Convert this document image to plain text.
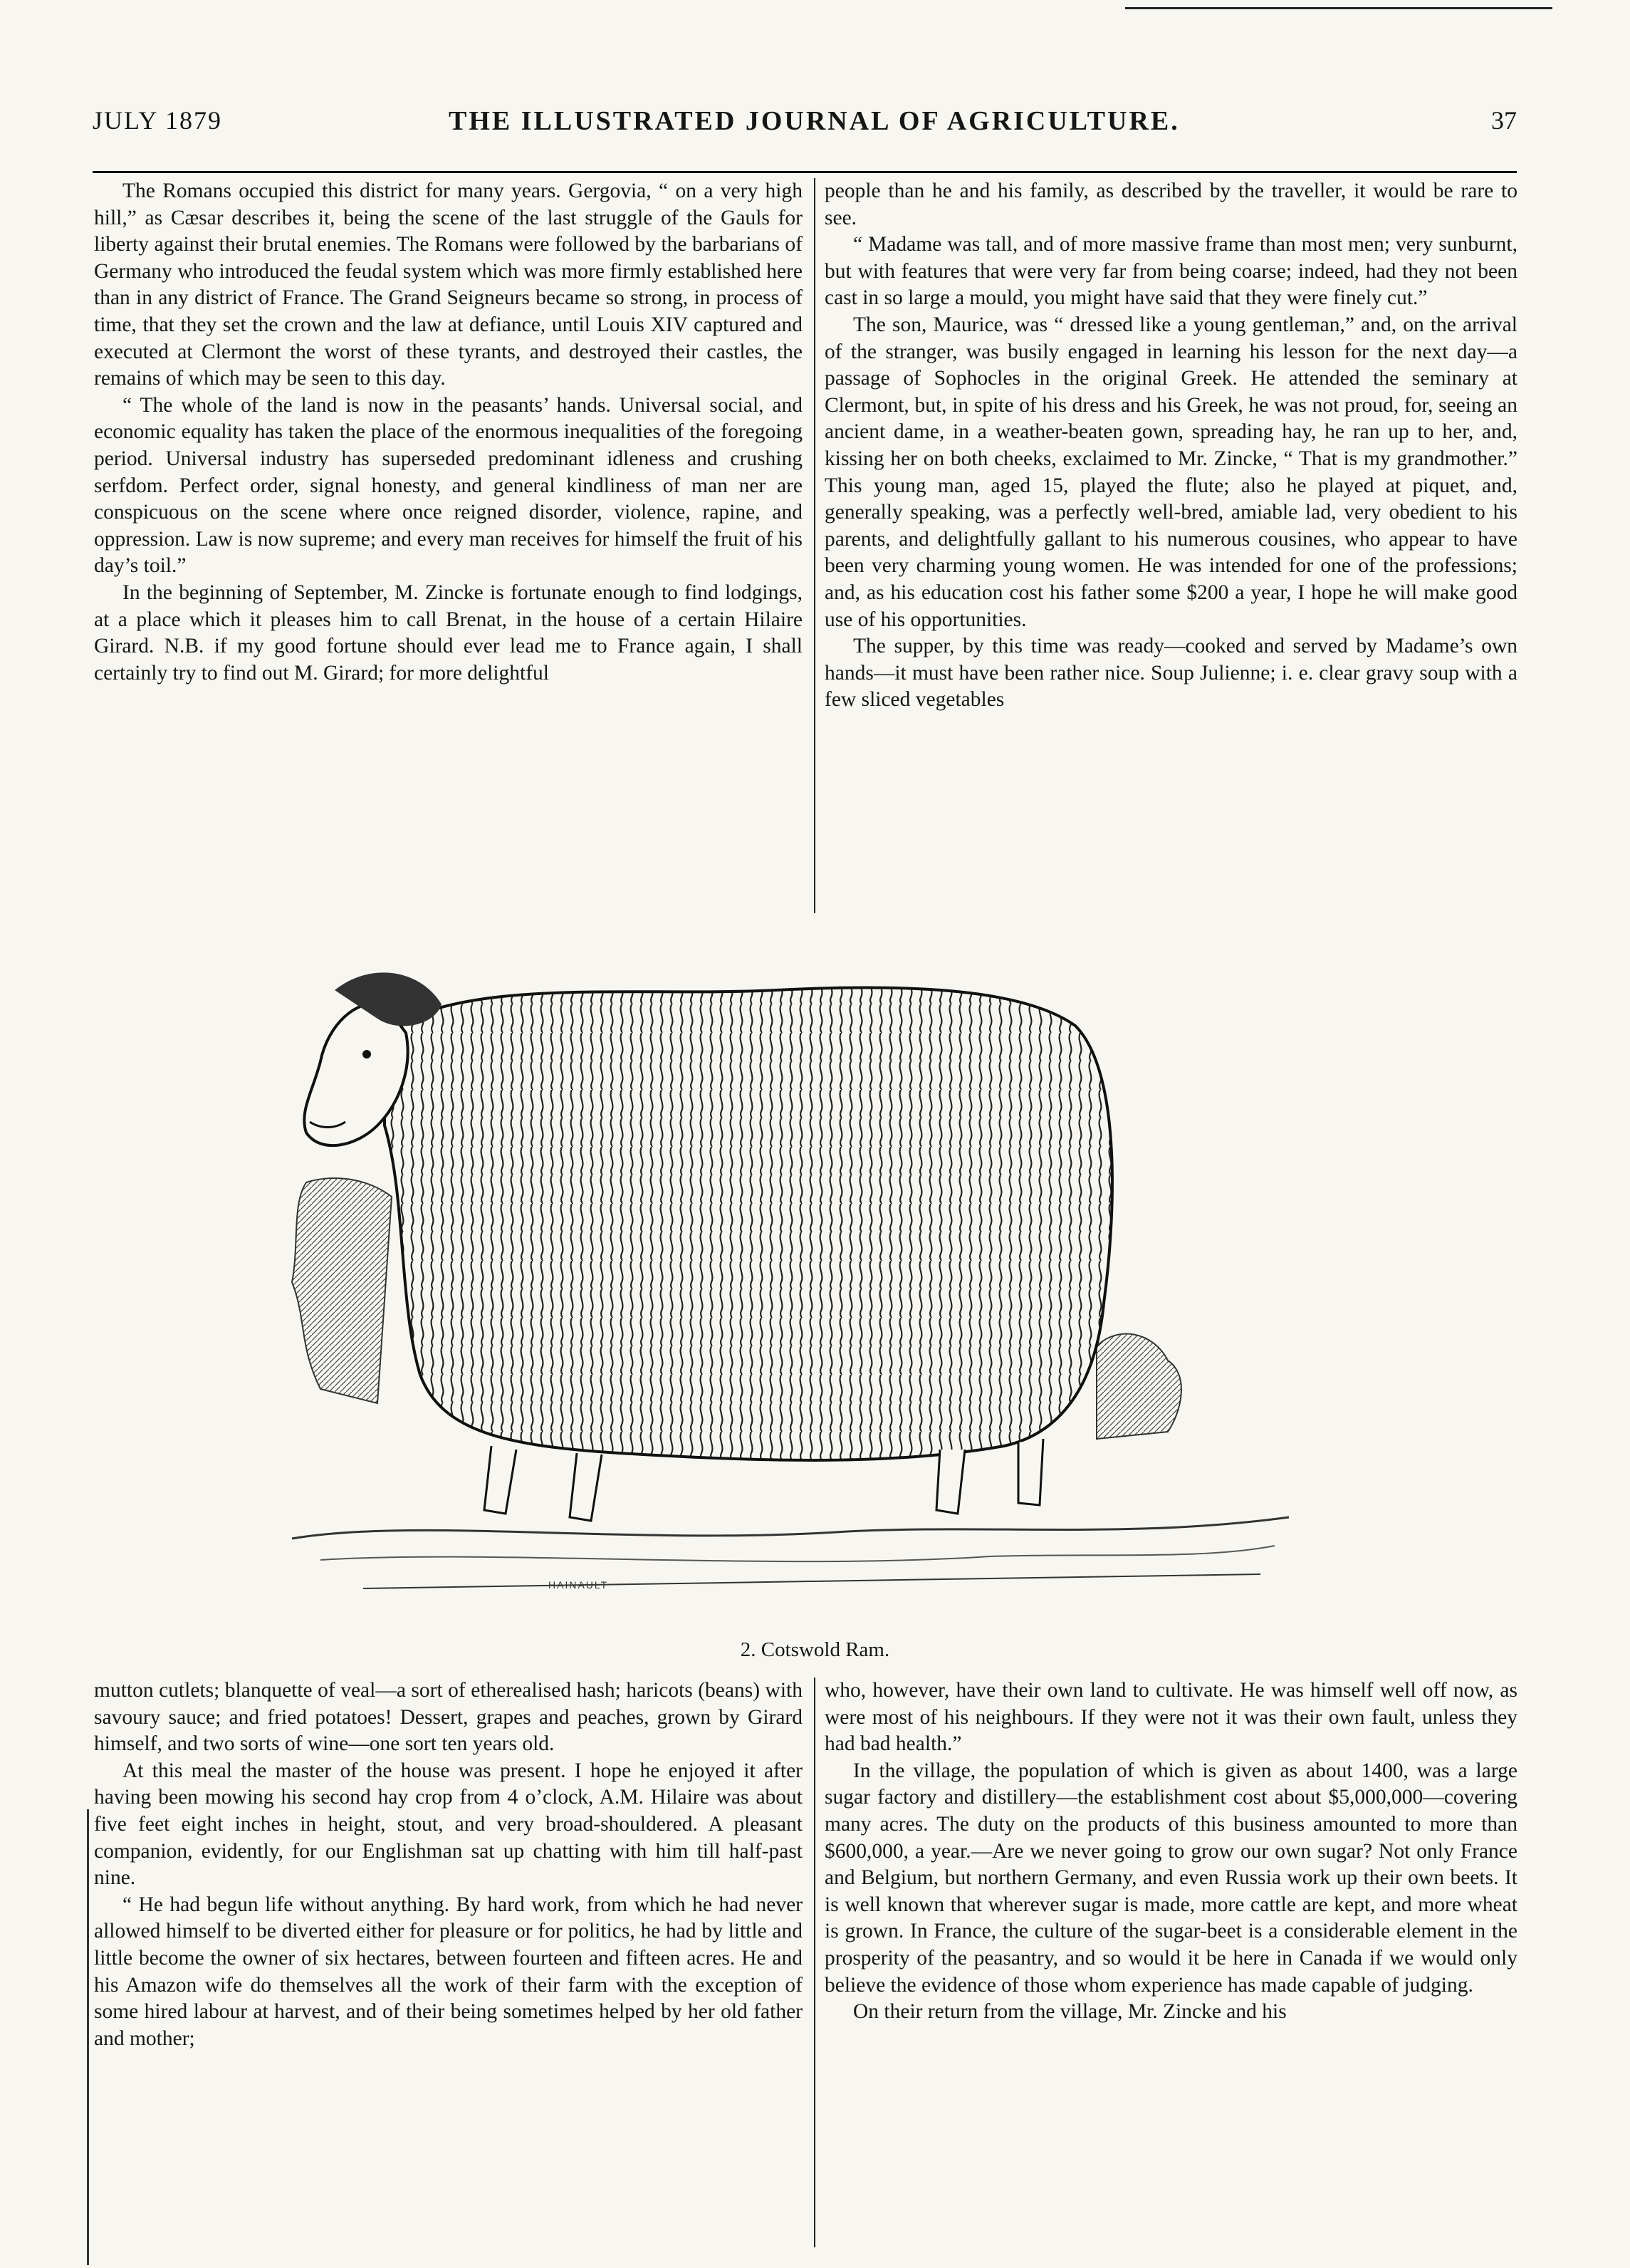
JULY 1879	THE ILLUSTRATED JOURNAL OF AGRICULTURE.	37

The Romans occupied this district for many years. Gergovia, “ on a very high hill,” as Cæsar describes it, being the scene of the last struggle of the Gauls for liberty against their brutal enemies. The Romans were followed by the barbarians of Germany who introduced the feudal system which was more firmly established here than in any district of France. The Grand Seigneurs became so strong, in process of time, that they set the crown and the law at defiance, until Louis XIV captured and executed at Clermont the worst of these tyrants, and destroyed their castles, the remains of which may be seen to this day.

“ The whole of the land is now in the peasants’ hands. Universal social, and economic equality has taken the place of the enormous inequalities of the foregoing period. Universal industry has superseded predominant idleness and crushing serfdom. Perfect order, signal honesty, and general kindliness of man ner are conspicuous on the scene where once reigned disorder, violence, rapine, and oppression. Law is now supreme; and every man receives for himself the fruit of his day’s toil.”

In the beginning of September, M. Zincke is fortunate enough to find lodgings, at a place which it pleases him to call Brenat, in the house of a certain Hilaire Girard. N.B. if my good fortune should ever lead me to France again, I shall certainly try to find out M. Girard; for more delightful

people than he and his family, as described by the traveller, it would be rare to see.

“ Madame was tall, and of more massive frame than most men; very sunburnt, but with features that were very far from being coarse; indeed, had they not been cast in so large a mould, you might have said that they were finely cut.”

The son, Maurice, was “ dressed like a young gentleman,” and, on the arrival of the stranger, was busily engaged in learning his lesson for the next day—a passage of Sophocles in the original Greek. He attended the seminary at Clermont, but, in spite of his dress and his Greek, he was not proud, for, seeing an ancient dame, in a weather-beaten gown, spreading hay, he ran up to her, and, kissing her on both cheeks, exclaimed to Mr. Zincke, “ That is my grandmother.” This young man, aged 15, played the flute; also he played at piquet, and, generally speaking, was a perfectly well-bred, amiable lad, very obedient to his parents, and delightfully gallant to his numerous cousines, who appear to have been very charming young women. He was intended for one of the professions; and, as his education cost his father some $200 a year, I hope he will make good use of his opportunities.

The supper, by this time was ready—cooked and served by Madame’s own hands—it must have been rather nice. Soup Julienne; i. e. clear gravy soup with a few sliced vegetables

HAINAULT
2. Cotswold Ram.

mutton cutlets; blanquette of veal—a sort of etherealised hash; haricots (beans) with savoury sauce; and fried potatoes! Dessert, grapes and peaches, grown by Girard himself, and two sorts of wine—one sort ten years old.

At this meal the master of the house was present. I hope he enjoyed it after having been mowing his second hay crop from 4 o’clock, A.M. Hilaire was about five feet eight inches in height, stout, and very broad-shouldered. A pleasant companion, evidently, for our Englishman sat up chatting with him till half-past nine.

“ He had begun life without anything. By hard work, from which he had never allowed himself to be diverted either for pleasure or for politics, he had by little and little become the owner of six hectares, between fourteen and fifteen acres. He and his Amazon wife do themselves all the work of their farm with the exception of some hired labour at harvest, and of their being sometimes helped by her old father and mother;

who, however, have their own land to cultivate. He was himself well off now, as were most of his neighbours. If they were not it was their own fault, unless they had bad health.”

In the village, the population of which is given as about 1400, was a large sugar factory and distillery—the establishment cost about $5,000,000—covering many acres. The duty on the products of this business amounted to more than $600,000, a year.—Are we never going to grow our own sugar? Not only France and Belgium, but northern Germany, and even Russia work up their own beets. It is well known that wherever sugar is made, more cattle are kept, and more wheat is grown. In France, the culture of the sugar-beet is a considerable element in the prosperity of the peasantry, and so would it be here in Canada if we would only believe the evidence of those whom experience has made capable of judging.

On their return from the village, Mr. Zincke and his
